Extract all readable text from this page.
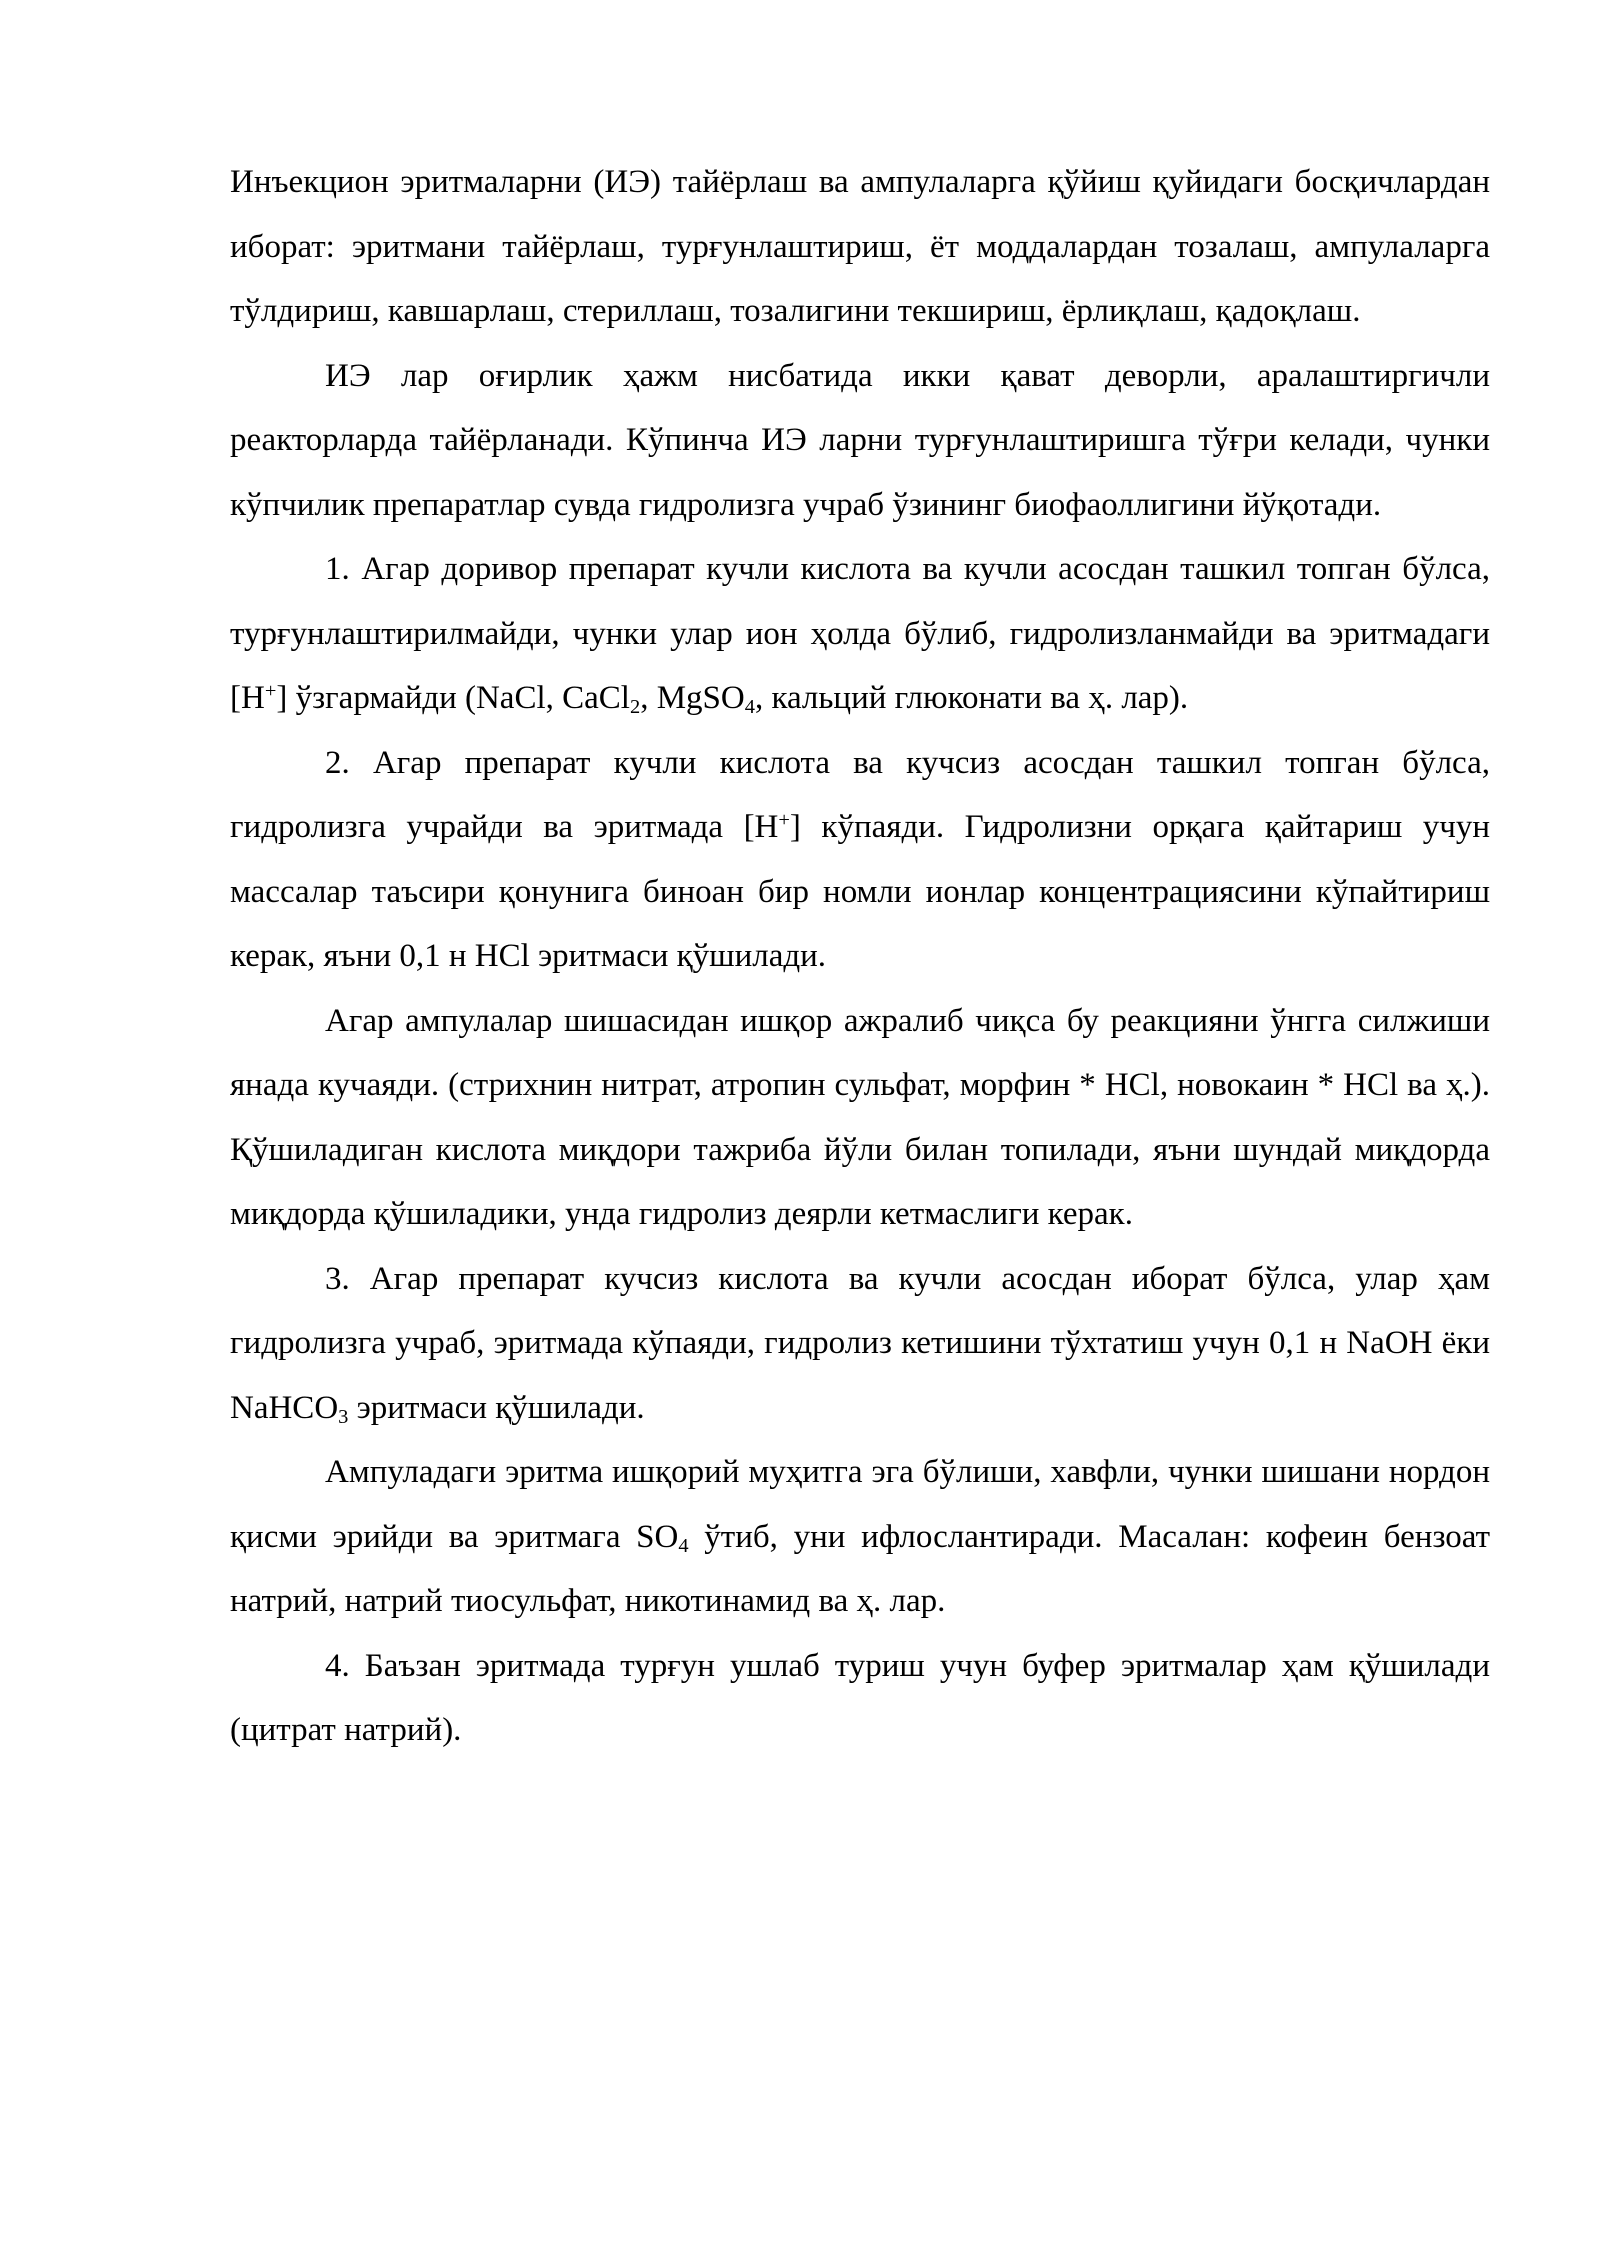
Инъекцион эритмаларни (ИЭ) тайёрлаш ва ампулаларга қўйиш қуйидаги босқичлардан иборат: эритмани тайёрлаш, турғунлаштириш, ёт моддалардан тозалаш, ампулаларга тўлдириш, кавшарлаш, стериллаш, тозалигини текшириш, ёрлиқлаш, қадоқлаш.

ИЭ лар оғирлик ҳажм нисбатида икки қават деворли, аралаштиргичли реакторларда тайёрланади. Кўпинча ИЭ ларни турғунлаштиришга тўғри келади, чунки кўпчилик препаратлар сувда гидролизга учраб ўзининг биофаоллигини йўқотади.

1. Агар доривор препарат кучли кислота ва кучли асосдан ташкил топган бўлса, турғунлаштирилмайди, чунки улар ион ҳолда бўлиб, гидролизланмайди ва эритмадаги [H+] ўзгармайди (NaCl, CaCl$_2$, MgSO$_4$, кальций глюконати ва ҳ. лар).

2. Агар препарат кучли кислота ва кучсиз асосдан ташкил топган бўлса, гидролизга учрайди ва эритмада [H+] кўпаяди. Гидролизни орқага қайтариш учун массалар таъсири қонунига биноан бир номли ионлар концентрациясини кўпайтириш керак, яъни 0,1 н HCl эритмаси қўшилади.

Агар ампулалар шишасидан ишқор ажралиб чиқса бу реакцияни ўнгга силжиши янада кучаяди. (стрихнин нитрат, атропин сульфат, морфин * HCl, новокаин * HCl ва ҳ.). Қўшиладиган кислота миқдори тажриба йўли билан топилади, яъни шундай миқдорда миқдорда қўшиладики, унда гидролиз деярли кетмаслиги керак.

3. Агар препарат кучсиз кислота ва кучли асосдан иборат бўлса, улар ҳам гидролизга учраб, эритмада кўпаяди, гидролиз кетишини тўхтатиш учун 0,1 н NaOH ёки NaHCO$_3$ эритмаси қўшилади.

Ампуладаги эритма ишқорий муҳитга эга бўлиши, хавфли, чунки шишани нордон қисми эрийди ва эритмага $SO_4$ ўтиб, уни ифлослантиради. Масалан: кофеин бензоат натрий, натрий тиосульфат, никотинамид ва ҳ. лар.

4. Баъзан эритмада турғун ушлаб туриш учун буфер эритмалар ҳам қўшилади (цитрат натрий).
